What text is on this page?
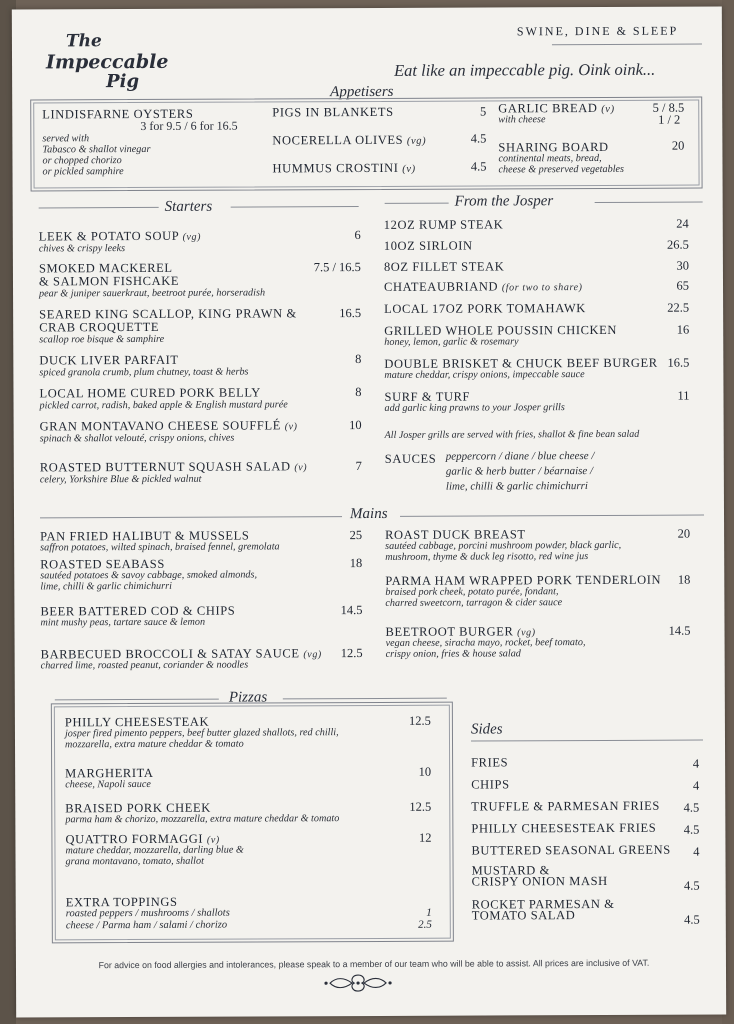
The
Impeccable
Pig
SWINE, DINE & SLEEP
Eat like an impeccable pig. Oink oink...
Appetisers
LINDISFARNE OYSTERS
3 for 9.5 / 6 for 16.5
served with
Tabasco & shallot vinegar
or chopped chorizo
or pickled samphire
PIGS IN BLANKETS	5
NOCERELLA OLIVES (vg)	4.5
HUMMUS CROSTINI (v)	4.5
GARLIC BREAD (v)
with cheese
5 / 8.5
1 / 2
SHARING BOARD
continental meats, bread,
cheese & preserved vegetables
20
Starters	From the Josper
All Josper grills are served with fries, shallot & fine bean salad
SAUCES peppercorn / diane / blue cheese /
garlic & herb butter / béarnaise /
lime, chilli & garlic chimichurri
Mains
Pizzas
EXTRA TOPPINGS
roasted peppers / mushrooms / shallots	1
cheese / Parma ham / salami / chorizo	2.5
Sides
For advice on food allergies and intolerances, please speak to a member of our team who will be able to assist. All prices are inclusive of VAT.
LEEK & POTATO SOUP (vg)	6
chives & crispy leeks
SMOKED MACKEREL	7.5 / 16.5
& SALMON FISHCAKE
pear & juniper sauerkraut, beetroot purée, horseradish
SEARED KING SCALLOP, KING PRAWN &	16.5
CRAB CROQUETTE
scallop roe bisque & samphire
DUCK LIVER PARFAIT	8
spiced granola crumb, plum chutney, toast & herbs
LOCAL HOME CURED PORK BELLY	8
pickled carrot, radish, baked apple & English mustard purée
GRAN MONTAVANO CHEESE SOUFFLÉ (v)	10
spinach & shallot velouté, crispy onions, chives
ROASTED BUTTERNUT SQUASH SALAD (v)	7
celery, Yorkshire Blue & pickled walnut
12OZ RUMP STEAK	24
10OZ SIRLOIN	26.5
8OZ FILLET STEAK	30
CHATEAUBRIAND (for two to share)	65
LOCAL 17OZ PORK TOMAHAWK	22.5
GRILLED WHOLE POUSSIN CHICKEN	16
honey, lemon, garlic & rosemary
DOUBLE BRISKET & CHUCK BEEF BURGER 16.5
mature cheddar, crispy onions, impeccable sauce
SURF & TURF	11
add garlic king prawns to your Josper grills
PAN FRIED HALIBUT & MUSSELS	25
saffron potatoes, wilted spinach, braised fennel, gremolata
ROASTED SEABASS	18
sautéed potatoes & savoy cabbage, smoked almonds,
lime, chilli & garlic chimichurri
BEER BATTERED COD & CHIPS	14.5
mint mushy peas, tartare sauce & lemon
BARBECUED BROCCOLI & SATAY SAUCE (vg)	12.5
charred lime, roasted peanut, coriander & noodles
ROAST DUCK BREAST	20
sautéed cabbage, porcini mushroom powder, black garlic,
mushroom, thyme & duck leg risotto, red wine jus
PARMA HAM WRAPPED PORK TENDERLOIN	18
braised pork cheek, potato purée, fondant,
charred sweetcorn, tarragon & cider sauce
BEETROOT BURGER (vg)	14.5
vegan cheese, siracha mayo, rocket, beef tomato,
crispy onion, fries & house salad
PHILLY CHEESESTEAK	12.5
josper fired pimento peppers, beef butter glazed shallots, red chilli,
mozzarella, extra mature cheddar & tomato
MARGHERITA	10
cheese, Napoli sauce
BRAISED PORK CHEEK	12.5
parma ham & chorizo, mozzarella, extra mature cheddar & tomato
QUATTRO FORMAGGI (v)	12
mature cheddar, mozzarella, darling blue &
grana montavano, tomato, shallot
FRIES	4
CHIPS	4
TRUFFLE & PARMESAN FRIES	4.5
PHILLY CHEESESTEAK FRIES	4.5
BUTTERED SEASONAL GREENS	4
MUSTARD &
CRISPY ONION MASH	4.5
ROCKET PARMESAN &
TOMATO SALAD	4.5
